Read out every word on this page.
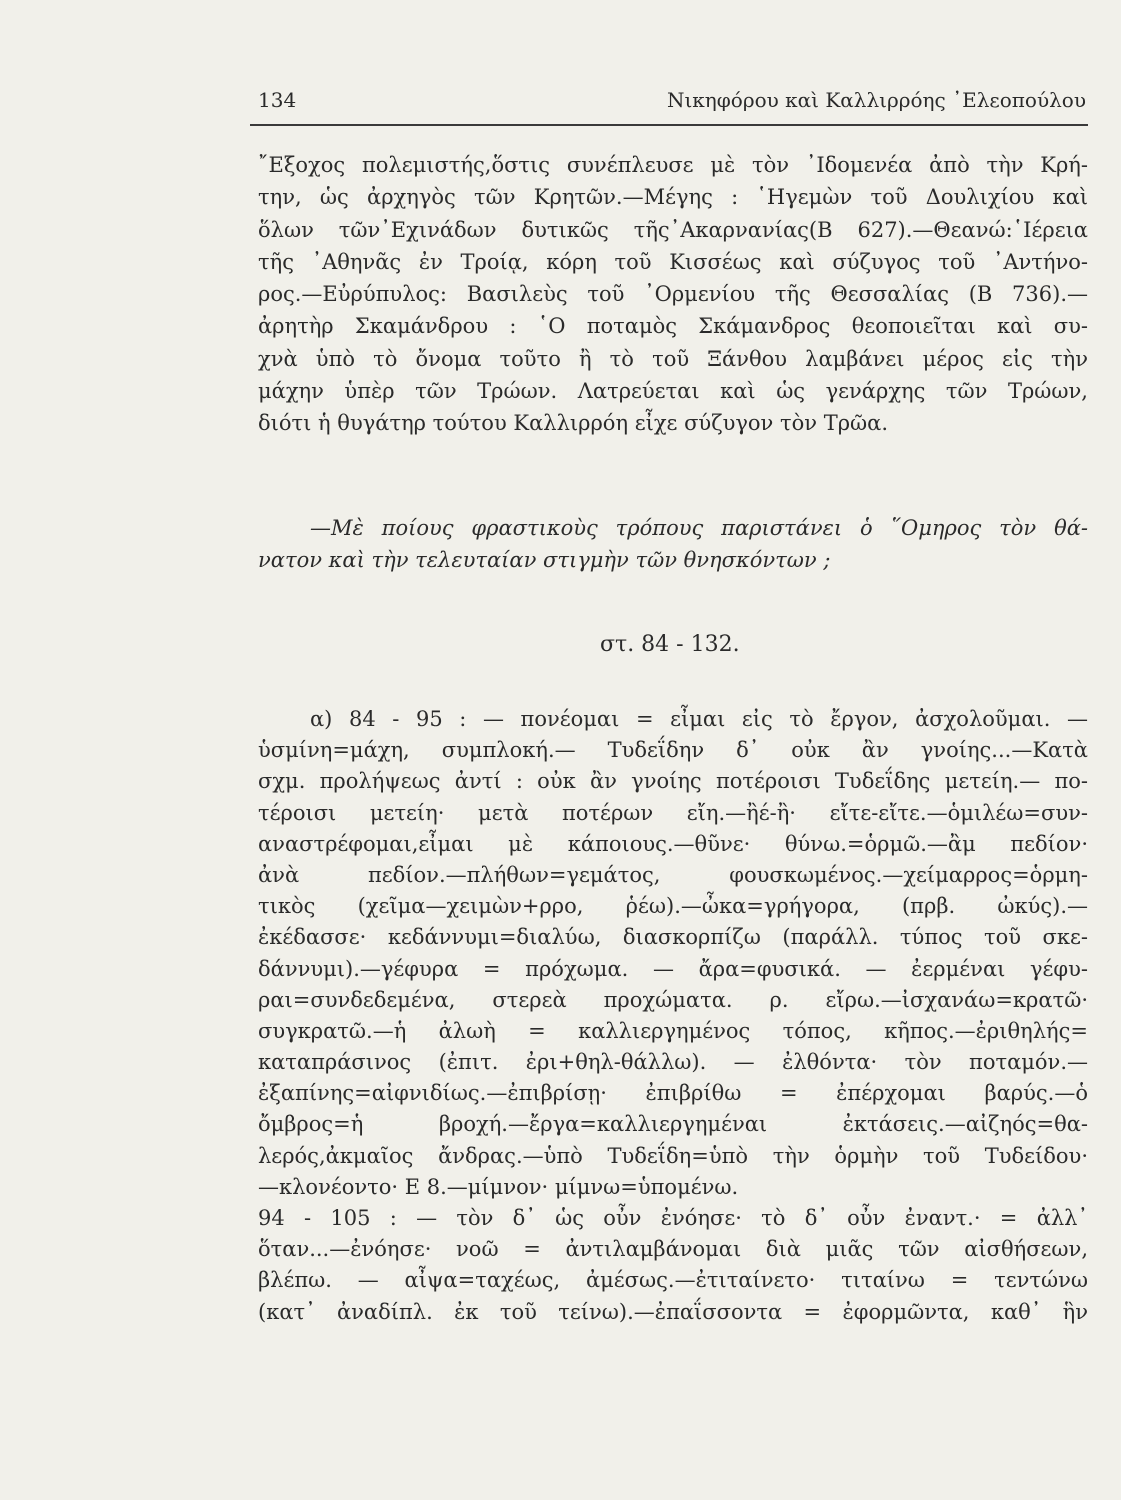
134	Νικηφόρου καὶ Καλλιρρόης ᾿Ελεοπούλου
῎Εξοχος πολεμιστής,ὅστις συνέπλευσε μὲ τὸν ᾿Ιδομενέα ἀπὸ τὴν Κρή-
την, ὡς ἀρχηγὸς τῶν Κρητῶν.—Μέγης : ῾Ηγεμὼν τοῦ Δουλιχίου καὶ
ὅλων τῶν᾿Εχινάδων δυτικῶς τῆς᾿Ακαρνανίας(Β 627).—Θεανώ:῾Ιέρεια
τῆς ᾿Αθηνᾶς ἐν Τροίᾳ, κόρη τοῦ Κισσέως καὶ σύζυγος τοῦ ᾿Αντήνο-
ρος.—Εὐρύπυλος: Βασιλεὺς τοῦ ᾿Ορμενίου τῆς Θεσσαλίας (Β 736).—
ἀρητὴρ Σκαμάνδρου : ῾Ο ποταμὸς Σκάμανδρος θεοποιεῖται καὶ συ-
χνὰ ὑπὸ τὸ ὄνομα τοῦτο ἢ τὸ τοῦ Ξάνθου λαμβάνει μέρος εἰς τὴν
μάχην ὑπὲρ τῶν Τρώων. Λατρεύεται καὶ ὡς γενάρχης τῶν Τρώων,
διότι ἡ θυγάτηρ τούτου Καλλιρρόη εἶχε σύζυγον τὸν Τρῶα.
—Μὲ ποίους φραστικοὺς τρόπους παριστάνει ὁ ῞Ομηρος τὸν θά-
νατον καὶ τὴν τελευταίαν στιγμὴν τῶν θνησκόντων ;
στ. 84 - 132.
α) 84 - 95 : — πονέομαι = εἶμαι εἰς τὸ ἔργον, ἀσχολοῦμαι. —
ὑσμίνη=μάχη, συμπλοκή.— Τυδεΐδην δ᾿ οὐκ ἂν γνοίης...—Κατὰ
σχμ. προλήψεως ἀντί : οὐκ ἂν γνοίης ποτέροισι Τυδεΐδης μετείη.— πο-
τέροισι μετείη· μετὰ ποτέρων εἴη.—ἢέ-ἢ· εἴτε-εἴτε.—ὁμιλέω=συν-
αναστρέφομαι,εἶμαι μὲ κάποιους.—θῦνε· θύνω.=ὁρμῶ.—ἂμ πεδίον·
ἀνὰ πεδίον.—πλήθων=γεμάτος, φουσκωμένος.—χείμαρρος=ὁρμη-
τικὸς (χεῖμα—χειμὼν+ρρο, ῥέω).—ὦκα=γρήγορα, (πρβ. ὠκύς).—
ἐκέδασσε· κεδάννυμι=διαλύω, διασκορπίζω (παράλλ. τύπος τοῦ σκε-
δάννυμι).—γέφυρα = πρόχωμα. — ἄρα=φυσικά. — ἐερμέναι γέφυ-
ραι=συνδεδεμένα, στερεὰ προχώματα. ρ. εἴρω.—ἰσχανάω=κρατῶ·
συγκρατῶ.—ἡ ἀλωὴ = καλλιεργημένος τόπος, κῆπος.—ἐριθηλής=
καταπράσινος (ἐπιτ. ἐρι+θηλ-θάλλω). — ἐλθόντα· τὸν ποταμόν.—
ἐξαπίνης=αἰφνιδίως.—ἐπιβρίσῃ· ἐπιβρίθω = ἐπέρχομαι βαρύς.—ὁ
ὄμβρος=ἡ βροχή.—ἔργα=καλλιεργημέναι ἐκτάσεις.—αἰζηός=θα-
λερός,ἀκμαῖος ἄνδρας.—ὑπὸ Τυδεΐδη=ὑπὸ τὴν ὁρμὴν τοῦ Τυδείδου·
—κλονέοντο· Ε 8.—μίμνον· μίμνω=ὑπομένω.
94 - 105 : — τὸν δ᾿ ὡς οὖν ἐνόησε· τὸ δ᾿ οὖν ἐναντ.· = ἀλλ᾿
ὅταν...—ἐνόησε· νοῶ = ἀντιλαμβάνομαι διὰ μιᾶς τῶν αἰσθήσεων,
βλέπω. — αἶψα=ταχέως, ἀμέσως.—ἐτιταίνετο· τιταίνω = τεντώνω
(κατ᾿ ἀναδίπλ. ἐκ τοῦ τείνω).—ἐπαΐσσοντα = ἐφορμῶντα, καθ᾿ ἣν
